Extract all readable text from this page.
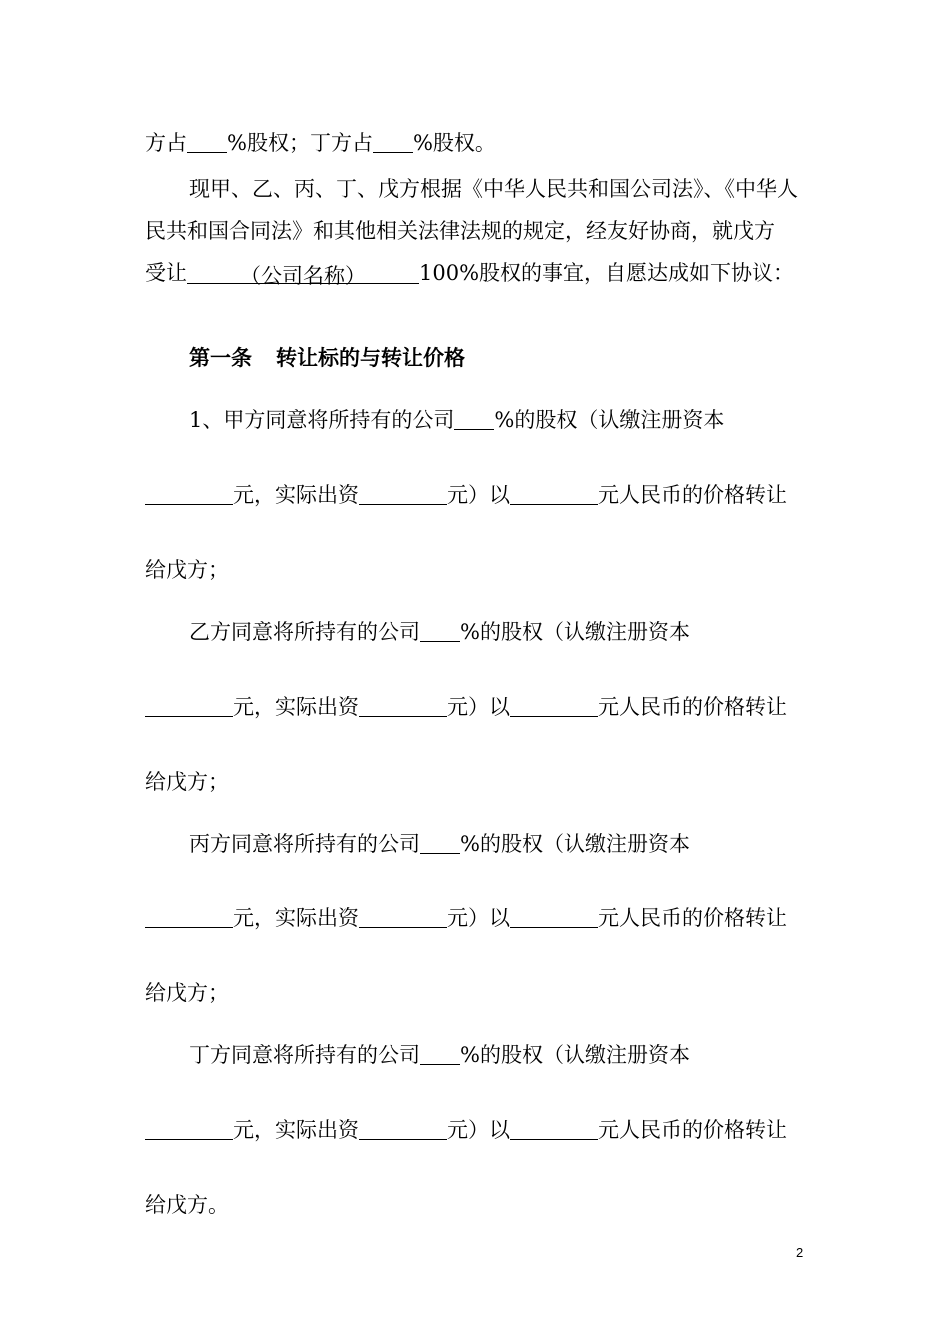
方占 %股权；丁方占 %股权。
现甲、乙、丙、丁、戊方根据《中华人民共和国公司法》、《中华人
民共和国合同法》和其他相关法律法规的规定，经友好协商，就戊方
受让	（公司名称）	100%股权的事宜，自愿达成如下协议：
第一条 转让标的与转让价格
1、甲方同意将所持有的公司 %的股权（认缴注册资本
元，实际出资	元）以	元人民币的价格转让
给戊方；
乙方同意将所持有的公司 %的股权（认缴注册资本
元，实际出资	元）以	元人民币的价格转让
给戊方；
丙方同意将所持有的公司 %的股权（认缴注册资本
元，实际出资	元）以	元人民币的价格转让
给戊方；
丁方同意将所持有的公司 %的股权（认缴注册资本
元，实际出资	元）以	元人民币的价格转让
给戊方。
2
